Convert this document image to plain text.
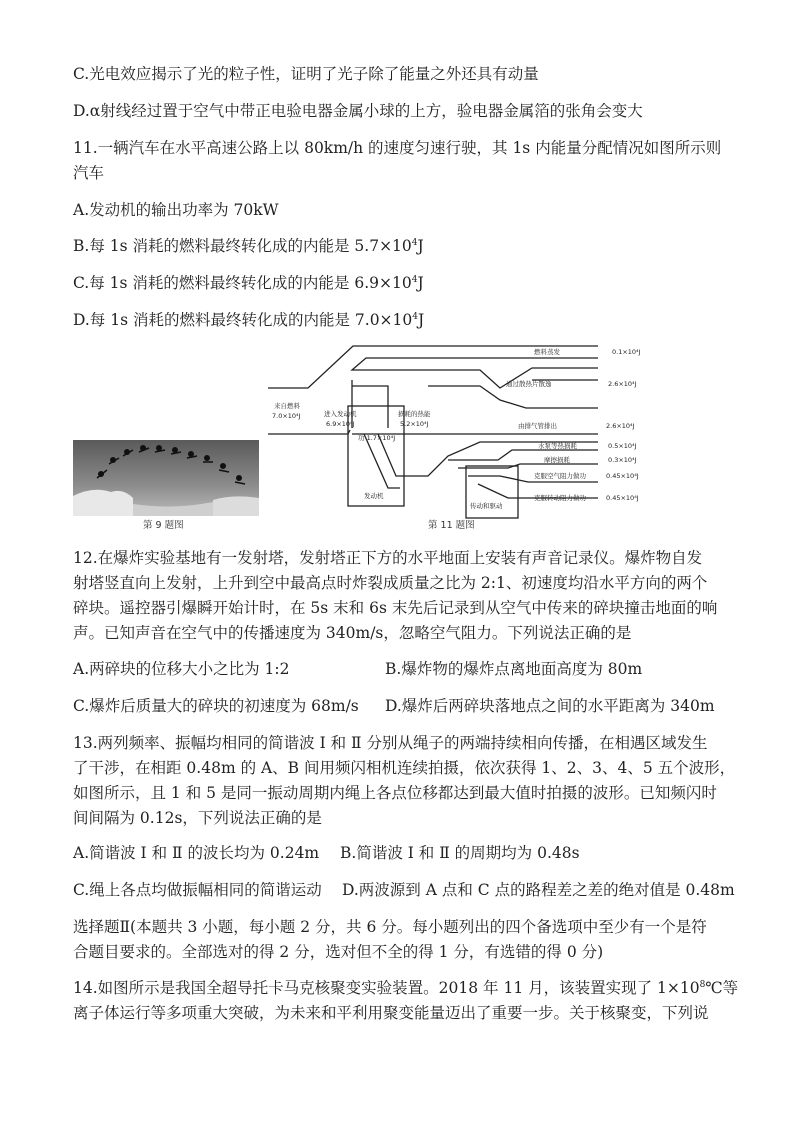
C.光电效应揭示了光的粒子性，证明了光子除了能量之外还具有动量
D.α射线经过置于空气中带正电验电器金属小球的上方，验电器金属箔的张角会变大
11.一辆汽车在水平高速公路上以 80km/h 的速度匀速行驶，其 1s 内能量分配情况如图所示则
汽车
A.发动机的输出功率为 70kW
B.每 1s 消耗的燃料最终转化成的内能是 $5.7\times 10^4J$
C.每 1s 消耗的燃料最终转化成的内能是 $6.9\times 10^4J$
D.每 1s 消耗的燃料最终转化成的内能是 $7.0\times 10^4J$
第 9 题图
来自燃料
7.0×10⁴J	进入发动机
6.9×10⁴J
损耗的热能
5.2×10⁴J
燃料蒸发	0.1×10⁴J
通过散热片散逸	2.6×10⁴J
由排气管排出	2.6×10⁴J
功 1.7×10⁴J
发动机
传动和驱动
水泵等热损耗	0.5×10⁴J
摩擦损耗	0.3×10⁴J
克服空气阻力做功	0.45×10⁴J
克服转动阻力做功	0.45×10⁴J
第 11 题图
12.在爆炸实验基地有一发射塔，发射塔正下方的水平地面上安装有声音记录仪。爆炸物自发
射塔竖直向上发射，上升到空中最高点时炸裂成质量之比为 2:1、初速度均沿水平方向的两个
碎块。遥控器引爆瞬开始计时，在 5s 末和 6s 末先后记录到从空气中传来的碎块撞击地面的响
声。已知声音在空气中的传播速度为 340m/s，忽略空气阻力。下列说法正确的是
A.两碎块的位移大小之比为 1:2	B.爆炸物的爆炸点离地面高度为 80m
C.爆炸后质量大的碎块的初速度为 68m/s D.爆炸后两碎块落地点之间的水平距离为 340m
13.两列频率、振幅均相同的简谐波 Ⅰ 和 Ⅱ 分别从绳子的两端持续相向传播，在相遇区域发生
了干涉，在相距 0.48m 的 A、B 间用频闪相机连续拍摄，依次获得 1、2、3、4、5 五个波形，
如图所示，且 1 和 5 是同一振动周期内绳上各点位移都达到最大值时拍摄的波形。已知频闪时
间间隔为 0.12s，下列说法正确的是
A.简谐波 Ⅰ 和 Ⅱ 的波长均为 0.24m B.简谐波 Ⅰ 和 Ⅱ 的周期均为 0.48s
C.绳上各点均做振幅相同的简谐运动 D.两波源到 A 点和 C 点的路程差之差的绝对值是 0.48m
选择题Ⅱ(本题共 3 小题，每小题 2 分，共 6 分。每小题列出的四个备选项中至少有一个是符
合题目要求的。全部选对的得 2 分，选对但不全的得 1 分，有选错的得 0 分)
14.如图所示是我国全超导托卡马克核聚变实验装置。2018 年 11 月，该装置实现了 $1\times 10^8℃$等
离子体运行等多项重大突破，为未来和平利用聚变能量迈出了重要一步。关于核聚变，下列说
